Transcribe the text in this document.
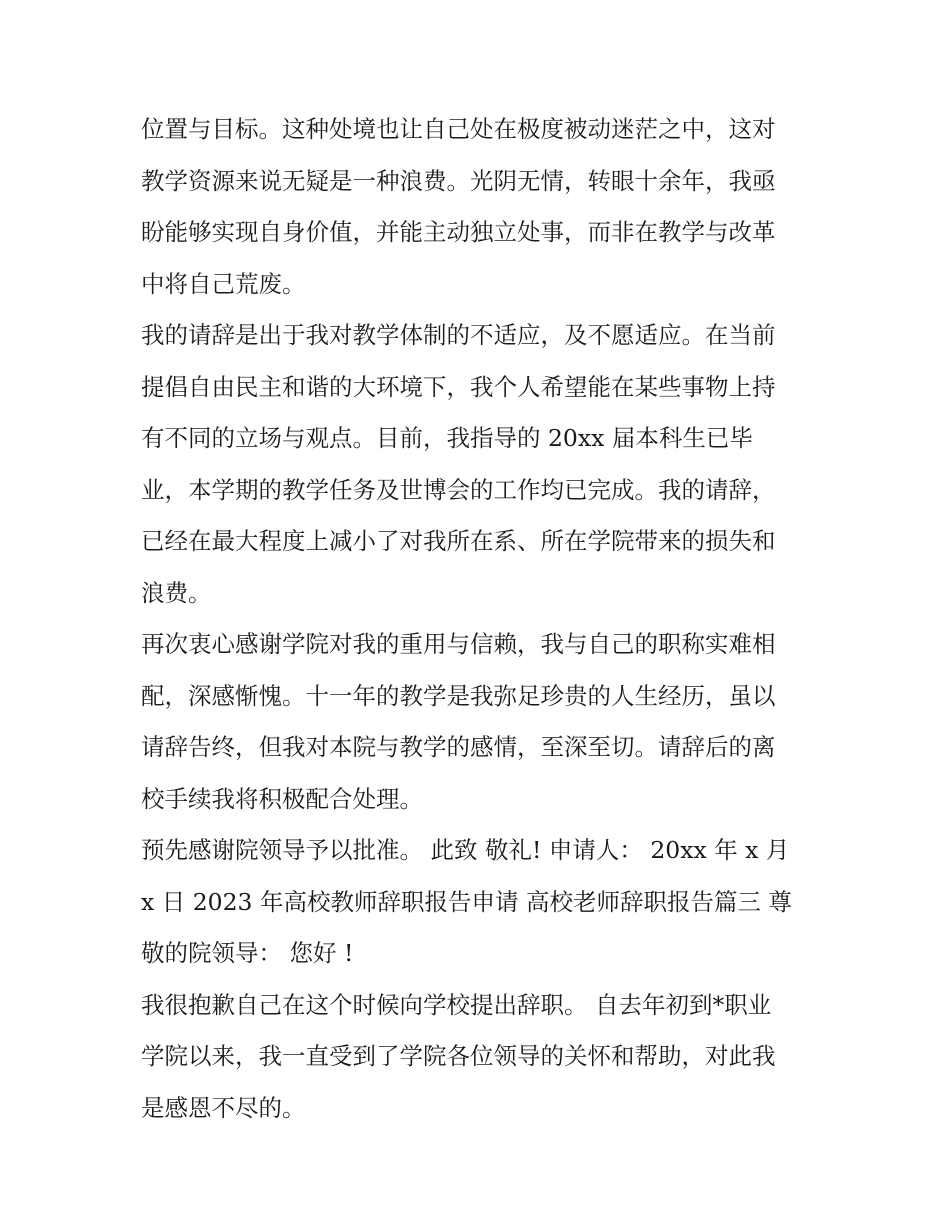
位置与目标。这种处境也让自己处在极度被动迷茫之中，这对
教学资源来说无疑是一种浪费。光阴无情，转眼十余年，我亟
盼能够实现自身价值，并能主动独立处事，而非在教学与改革
中将自己荒废。

我的请辞是出于我对教学体制的不适应，及不愿适应。在当前
提倡自由民主和谐的大环境下，我个人希望能在某些事物上持
有不同的立场与观点。目前，我指导的 20xx 届本科生已毕
业，本学期的教学任务及世博会的工作均已完成。我的请辞，
已经在最大程度上减小了对我所在系、所在学院带来的损失和
浪费。

再次衷心感谢学院对我的重用与信赖，我与自己的职称实难相
配，深感惭愧。十一年的教学是我弥足珍贵的人生经历，虽以
请辞告终，但我对本院与教学的感情，至深至切。请辞后的离
校手续我将积极配合处理。

预先感谢院领导予以批准。 此致 敬礼! 申请人： 20xx 年 x 月
x 日 2023 年高校教师辞职报告申请 高校老师辞职报告篇三 尊
敬的院领导： 您好 !

我很抱歉自己在这个时候向学校提出辞职。 自去年初到*职业
学院以来，我一直受到了学院各位领导的关怀和帮助，对此我
是感恩不尽的。
